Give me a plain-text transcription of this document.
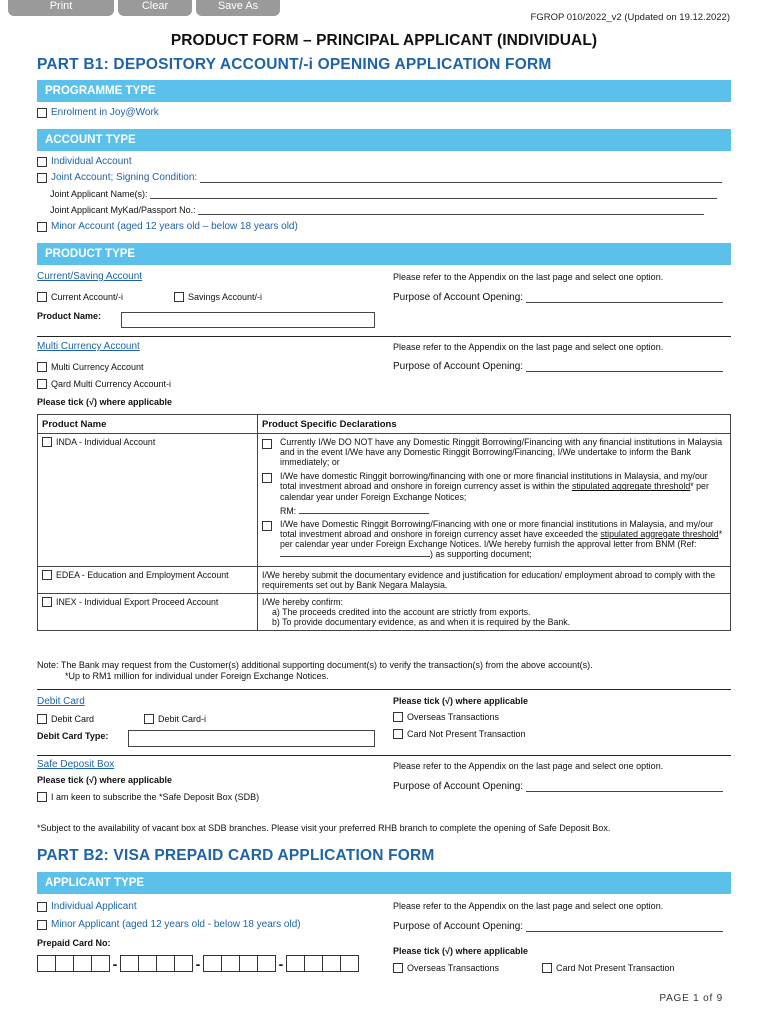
Print	Clear	Save As
FGROP 010/2022_v2 (Updated on 19.12.2022)
PRODUCT FORM – PRINCIPAL APPLICANT (INDIVIDUAL)
PART B1: DEPOSITORY ACCOUNT/-i OPENING APPLICATION FORM
PROGRAMME TYPE
Enrolment in Joy@Work
ACCOUNT TYPE
Individual Account
Joint Account; Signing Condition:
Joint Applicant Name(s):
Joint Applicant MyKad/Passport No.:
Minor Account (aged 12 years old – below 18 years old)
PRODUCT TYPE
Current/Saving Account	Please refer to the Appendix on the last page and select one option.
Current Account/-i	Savings Account/-i	Purpose of Account Opening:
Product Name:
Multi Currency Account	Please refer to the Appendix on the last page and select one option.
Multi Currency Account	Purpose of Account Opening:
Qard Multi Currency Account-i
Please tick (√) where applicable
Product Name	Product Specific Declarations

INDA - Individual Account	Currently I/We DO NOT have any Domestic Ringgit Borrowing/Financing with any financial institutions in Malaysia and in the event I/We have any Domestic Ringgit Borrowing/Financing, I/We undertake to inform the Bank immediately; or
I/We have domestic Ringgit borrowing/financing with one or more financial institutions in Malaysia, and my/our total investment abroad and onshore in foreign currency asset is within the stipulated aggregate threshold* per calendar year under Foreign Exchange Notices;
RM:
I/We have Domestic Ringgit Borrowing/Financing with one or more financial institutions in Malaysia, and my/our total investment abroad and onshore in foreign currency asset have exceeded the stipulated aggregate threshold* per calendar year under Foreign Exchange Notices. I/We hereby furnish the approval letter from BNM (Ref:) as supporting document;

EDEA - Education and Employment Account	I/We hereby submit the documentary evidence and justification for education/ employment abroad to comply with the requirements set out by Bank Negara Malaysia.

INEX - Individual Export Proceed Account	I/We hereby confirm:
a) The proceeds credited into the account are strictly from exports.
b) To provide documentary evidence, as and when it is required by the Bank.
Note: The Bank may request from the Customer(s) additional supporting document(s) to verify the transaction(s) from the above account(s).
*Up to RM1 million for individual under Foreign Exchange Notices.
Debit Card	Please tick (√) where applicable
Debit Card	Debit Card-i	Overseas Transactions
Card Not Present Transaction
Debit Card Type:
Safe Deposit Box	Please refer to the Appendix on the last page and select one option.
Please tick (√) where applicable
Purpose of Account Opening:
I am keen to subscribe the *Safe Deposit Box (SDB)
*Subject to the availability of vacant box at SDB branches. Please visit your preferred RHB branch to complete the opening of Safe Deposit Box.
PART B2: VISA PREPAID CARD APPLICATION FORM
APPLICANT TYPE
Individual Applicant	Please refer to the Appendix on the last page and select one option.
Minor Applicant (aged 12 years old - below 18 years old)	Purpose of Account Opening:
Prepaid Card No:
Please tick (√) where applicable
-	-	-	Overseas Transactions	Card Not Present Transaction
PAGE 1 of 9
